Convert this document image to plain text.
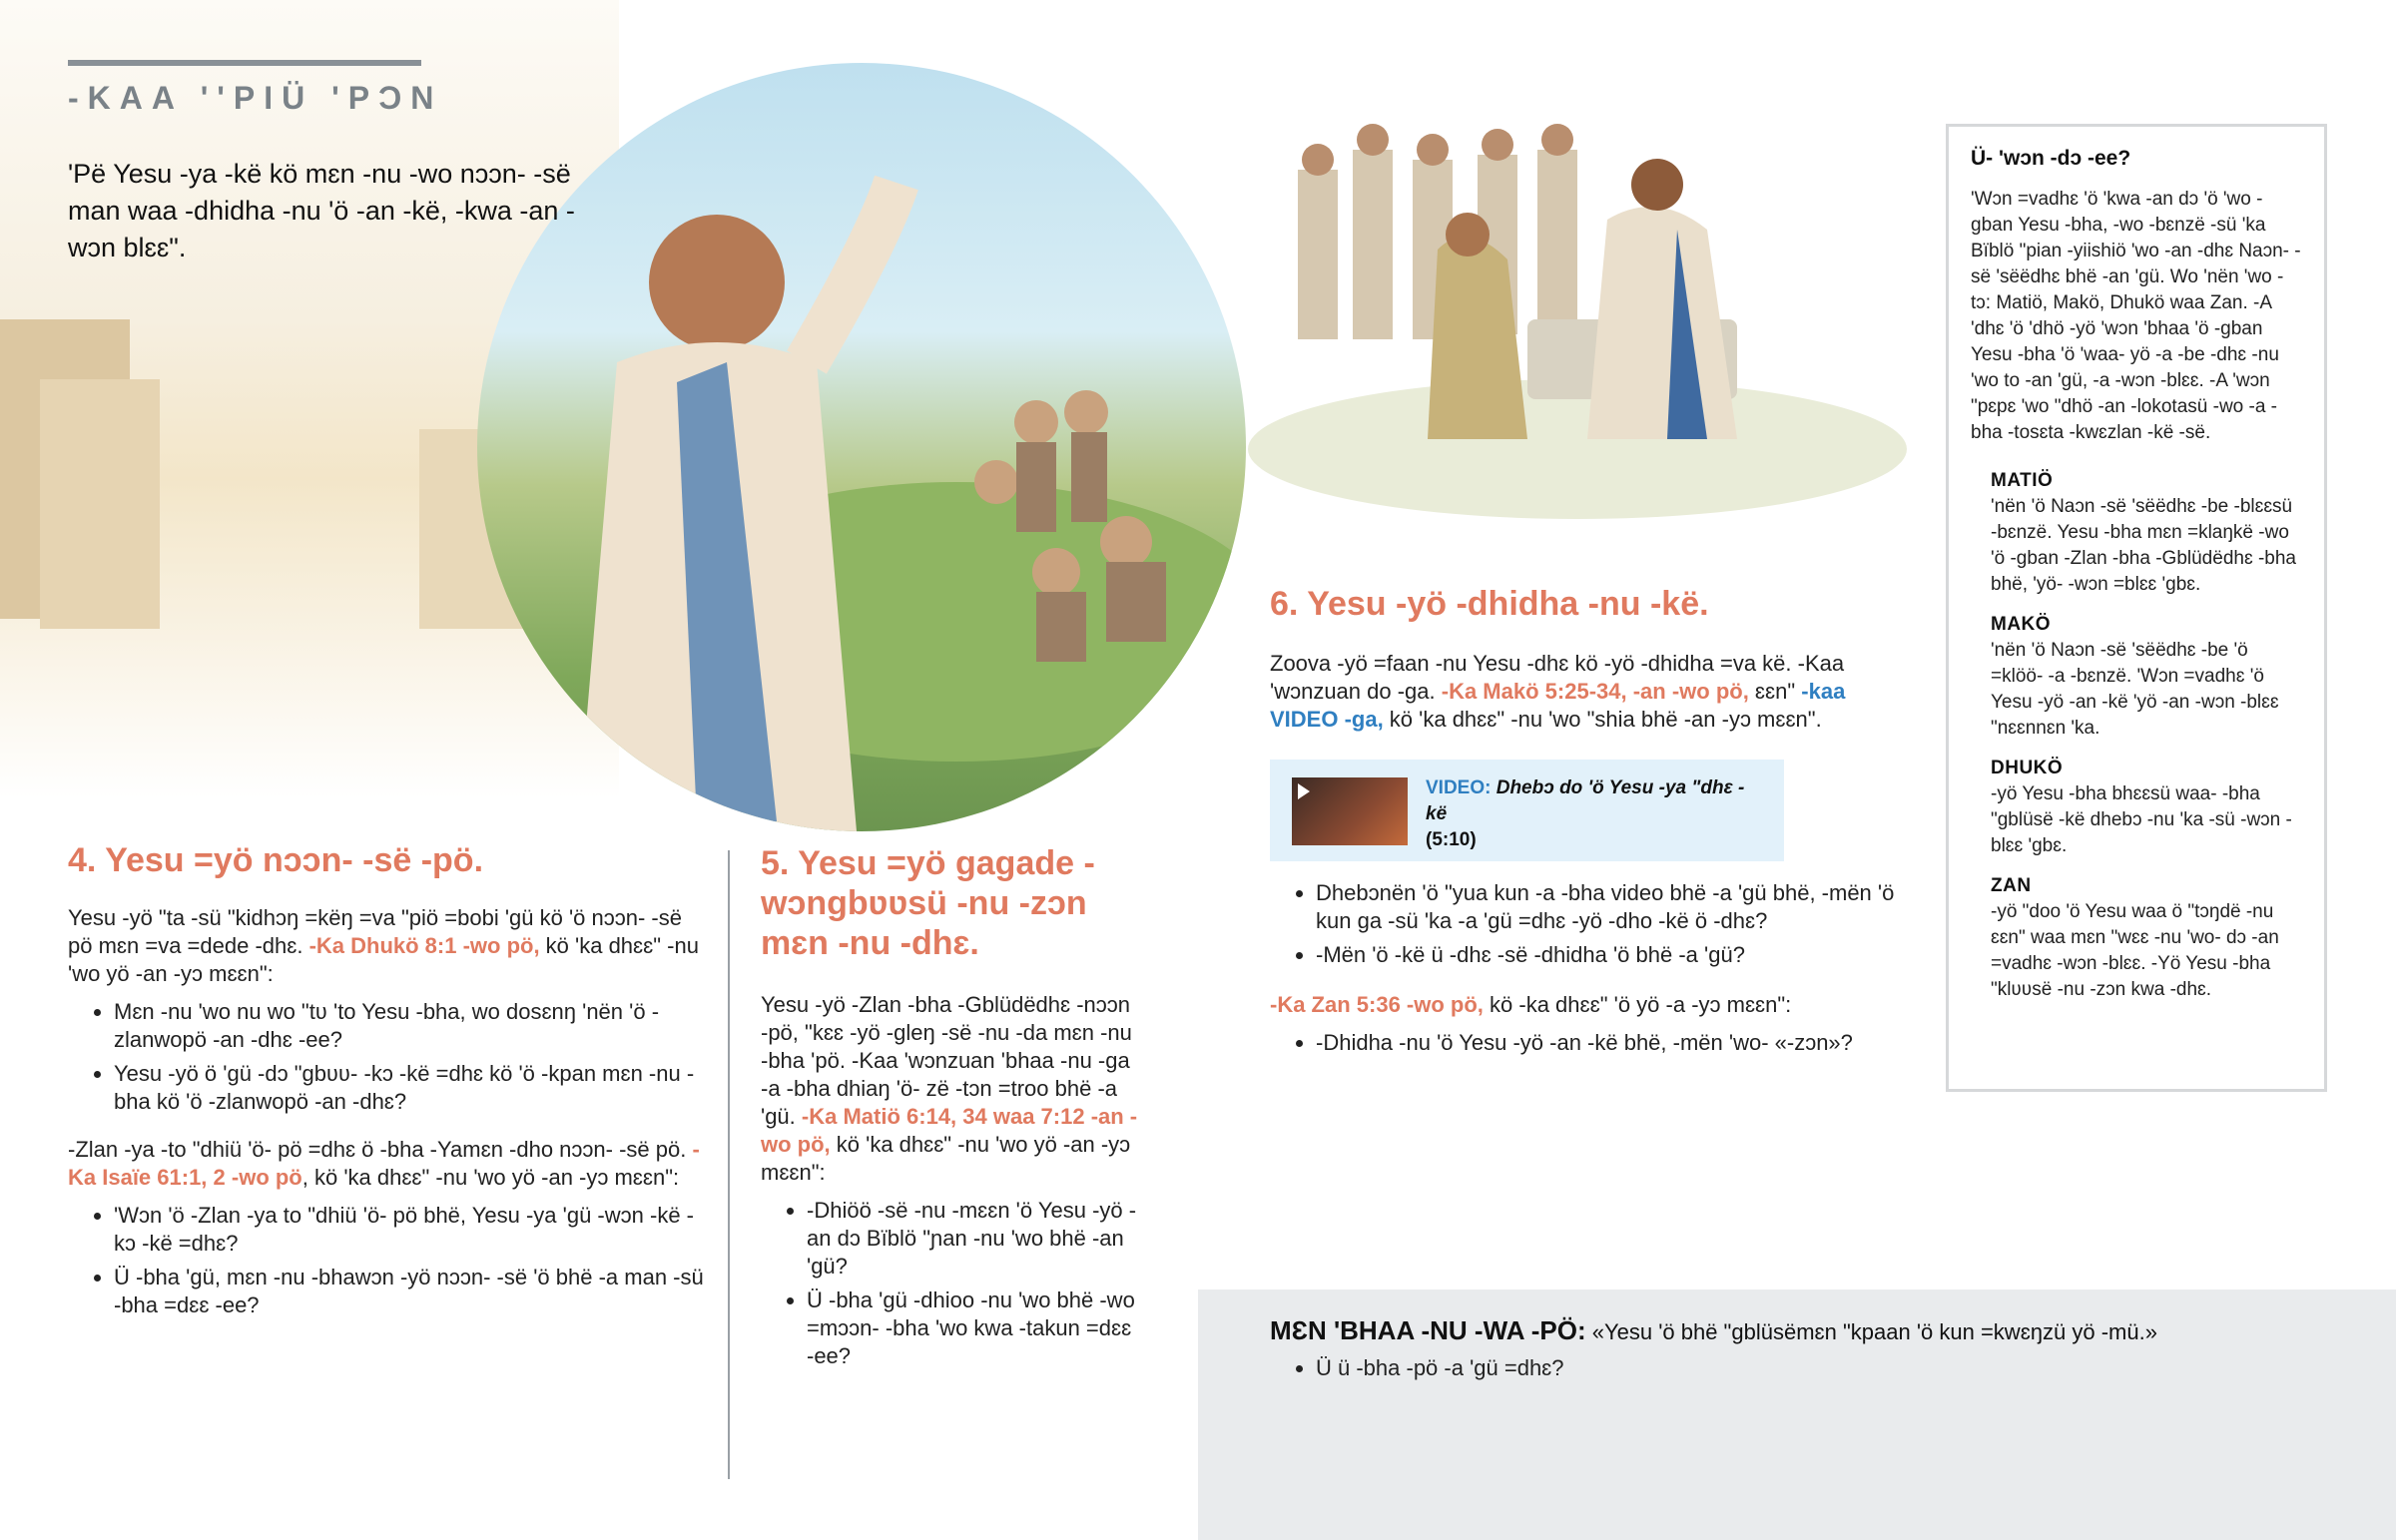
-KAA ''PIÜ 'PƆN
'Pë Yesu -ya -kë kö mɛn -nu -wo nɔɔn- -së man waa -dhidha -nu 'ö -an -kë, -kwa -an -wɔn blɛɛ".
4. Yesu =yö nɔɔn- -së -pö.

Yesu -yö "ta -sü "kidhɔŋ =këŋ =va "piö =bobi 'gü kö 'ö nɔɔn- -së pö mɛn =va =dede -dhɛ. -Ka Dhukö 8:1 -wo pö, kö 'ka dhɛɛ" -nu 'wo yö -an -yɔ mɛɛn":

• Mɛn -nu 'wo nu wo "tʋ 'to Yesu -bha, wo dosɛnŋ 'nën 'ö -zlanwopö -an -dhɛ -ee?
• Yesu -yö ö 'gü -dɔ "gbʋʋ- -kɔ -kë =dhɛ kö 'ö -kpan mɛn -nu -bha kö 'ö -zlanwopö -an -dhɛ?

-Zlan -ya -to "dhiü 'ö- pö =dhɛ ö -bha -Yamɛn -dho nɔɔn- -së pö. -Ka Isaïe 61:1, 2 -wo pö, kö 'ka dhɛɛ" -nu 'wo yö -an -yɔ mɛɛn":

• 'Wɔn 'ö -Zlan -ya to "dhiü 'ö- pö bhë, Yesu -ya 'gü -wɔn -kë -kɔ -kë =dhɛ?
• Ü -bha 'gü, mɛn -nu -bhawɔn -yö nɔɔn- -së 'ö bhë -a man -sü -bha =dɛɛ -ee?
5. Yesu =yö gagade -wɔngbʋʋsü -nu -zɔn mɛn -nu -dhɛ.

Yesu -yö -Zlan -bha -Gblüdëdhɛ -nɔɔn -pö, "kɛɛ -yö -gleŋ -së -nu -da mɛn -nu -bha 'pö. -Kaa 'wɔnzuan 'bhaa -nu -ga -a -bha dhiaŋ 'ö- zë -tɔn =troo bhë -a 'gü. -Ka Matiö 6:14, 34 waa 7:12 -an -wo pö, kö 'ka dhɛɛ" -nu 'wo yö -an -yɔ mɛɛn":

• -Dhiöö -së -nu -mɛɛn 'ö Yesu -yö -an dɔ Bïblö "ɲan -nu 'wo bhë -an 'gü?
• Ü -bha 'gü -dhioo -nu 'wo bhë -wo =mɔɔn- -bha 'wo kwa -takun =dɛɛ -ee?
6. Yesu -yö -dhidha -nu -kë.

Zoova -yö =faan -nu Yesu -dhɛ kö -yö -dhidha =va kë. -Kaa 'wɔnzuan do -ga. -Ka Makö 5:25-34, -an -wo pö, ɛɛn" -kaa VIDEO -ga, kö 'ka dhɛɛ" -nu 'wo "shia bhë -an -yɔ mɛɛn".

VIDEO: Dhebɔ do 'ö Yesu -ya "dhɛ -kë
(5:10)
• Dhebɔnën 'ö "yua kun -a -bha video bhë -a 'gü bhë, -mën 'ö kun ga -sü 'ka -a 'gü =dhɛ -yö -dho -kë ö -dhɛ?
• -Mën 'ö -kë ü -dhɛ -së -dhidha 'ö bhë -a 'gü?

-Ka Zan 5:36 -wo pö, kö -ka dhɛɛ" 'ö yö -a -yɔ mɛɛn":

• -Dhidha -nu 'ö Yesu -yö -an -kë bhë, -mën 'wo- «-zɔn»?
Ü- 'wɔn -dɔ -ee?
'Wɔn =vadhɛ 'ö 'kwa -an dɔ 'ö 'wo -gban Yesu -bha, -wo -bɛnzë -sü 'ka Bïblö "pian -yiishiö 'wo -an -dhɛ Naɔn- -së 'sëëdhɛ bhë -an 'gü. Wo 'nën 'wo -tɔ: Matiö, Makö, Dhukö waa Zan. -A 'dhɛ 'ö 'dhö -yö 'wɔn 'bhaa 'ö -gban Yesu -bha 'ö 'waa- yö -a -be -dhɛ -nu 'wo to -an 'gü, -a -wɔn -blɛɛ. -A 'wɔn "pɛpɛ 'wo "dhö -an -lokotasü -wo -a -bha -tosɛta -kwɛzlan -kë -së.
MATIÖ
'nën 'ö Naɔn -së 'sëëdhɛ -be -blɛɛsü -bɛnzë. Yesu -bha mɛn =klaŋkë -wo 'ö -gban -Zlan -bha -Gblüdëdhɛ -bha bhë, 'yö- -wɔn =blɛɛ 'gbɛ.
MAKÖ
'nën 'ö Naɔn -së 'sëëdhɛ -be 'ö =klöö- -a -bɛnzë. 'Wɔn =vadhɛ 'ö Yesu -yö -an -kë 'yö -an -wɔn -blɛɛ "nɛɛnnɛn 'ka.
DHUKÖ
-yö Yesu -bha bhɛɛsü waa- -bha "gblüsë -kë dhebɔ -nu 'ka -sü -wɔn -blɛɛ 'gbɛ.
ZAN
-yö "doo 'ö Yesu waa ö "tɔŋdë -nu ɛɛn" waa mɛn "wɛɛ -nu 'wo- dɔ -an =vadhɛ -wɔn -blɛɛ. -Yö Yesu -bha "klʋʋsë -nu -zɔn kwa -dhɛ.

MƐN 'BHAA -NU -WA -PÖ: «Yesu 'ö bhë "gblüsëmɛn "kpaan 'ö kun =kwɛŋzü yö -mü.»

• Ü ü -bha -pö -a 'gü =dhɛ?
